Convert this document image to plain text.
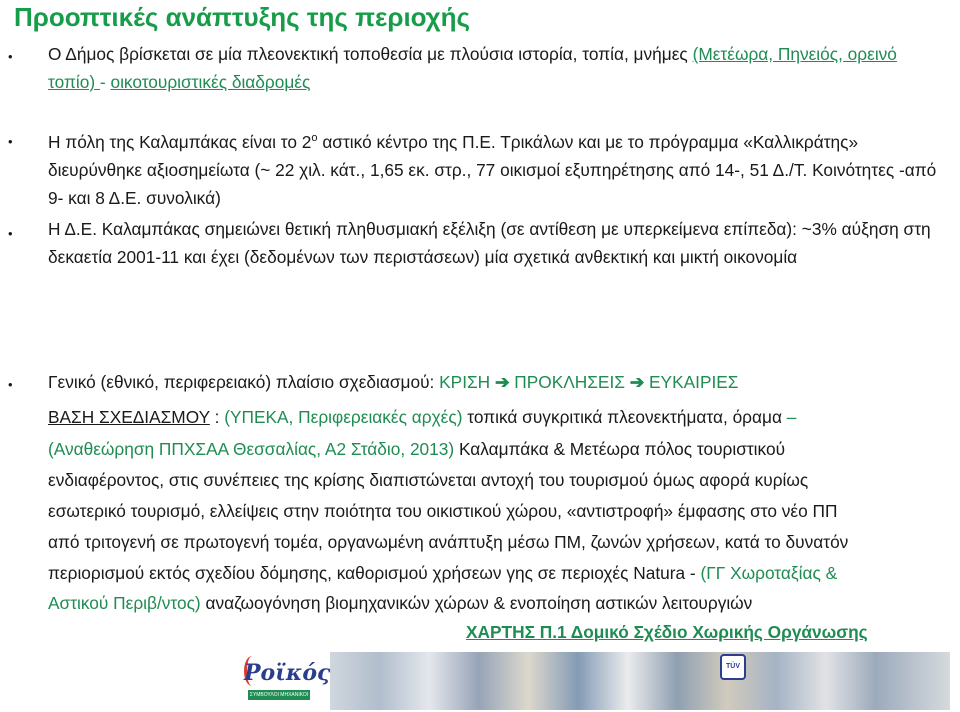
Προοπτικές ανάπτυξης της περιοχής
• Ο Δήμος βρίσκεται σε μία πλεονεκτική τοποθεσία με πλούσια ιστορία, τοπία, μνήμες (Μετέωρα, Πηνειός, ορεινό τοπίο) - οικοτουριστικές διαδρομές
• Η πόλη της Καλαμπάκας είναι το $2^o$ αστικό κέντρο της Π.Ε. Τρικάλων και με το πρόγραμμα «Καλλικράτης» διευρύνθηκε αξιοσημείωτα (~ 22 χιλ. κάτ., 1,65 εκ. στρ., 77 οικισμοί εξυπηρέτησης από 14-, 51 Δ./Τ. Κοινότητες -από 9- και 8 Δ.Ε. συνολικά)
• Η Δ.Ε. Καλαμπάκας σημειώνει θετική πληθυσμιακή εξέλιξη (σε αντίθεση με υπερκείμενα επίπεδα): ~3% αύξηση στη δεκαετία 2001-11 και έχει (δεδομένων των περιστάσεων) μία σχετικά ανθεκτική και μικτή οικονομία
• Γενικό (εθνικό, περιφερειακό) πλαίσιο σχεδιασμού: ΚΡΙΣΗ ➔ ΠΡΟΚΛΗΣΕΙΣ ➔ ΕΥΚΑΙΡΙΕΣ
ΒΑΣΗ ΣΧΕΔΙΑΣΜΟΥ : (ΥΠΕΚΑ, Περιφερειακές αρχές) τοπικά συγκριτικά πλεονεκτήματα, όραμα –
(Αναθεώρηση ΠΠΧΣΑΑ Θεσσαλίας, Α2 Στάδιο, 2013) Καλαμπάκα & Μετέωρα πόλος τουριστικού
ενδιαφέροντος, στις συνέπειες της κρίσης διαπιστώνεται αντοχή του τουρισμού όμως αφορά κυρίως
εσωτερικό τουρισμό, ελλείψεις στην ποιότητα του οικιστικού χώρου, «αντιστροφή» έμφασης στο νέο ΠΠ
από τριτογενή σε πρωτογενή τομέα, οργανωμένη ανάπτυξη μέσω ΠΜ, ζωνών χρήσεων, κατά το δυνατόν
περιορισμού εκτός σχεδίου δόμησης, καθορισμού χρήσεων γης σε περιοχές Natura - (ΓΓ Χωροταξίας &
Αστικού Περιβ/ντος) αναζωογόνηση βιομηχανικών χώρων & ενοποίηση αστικών λειτουργιών
ΧΑΡΤΗΣ Π.1 Δομικό Σχέδιο Χωρικής Οργάνωσης
Ροϊκός
ΣΥΜΒΟΥΛΟΙ ΜΗΧΑΝΙΚΟΙ Α.Ε.
TÜV
